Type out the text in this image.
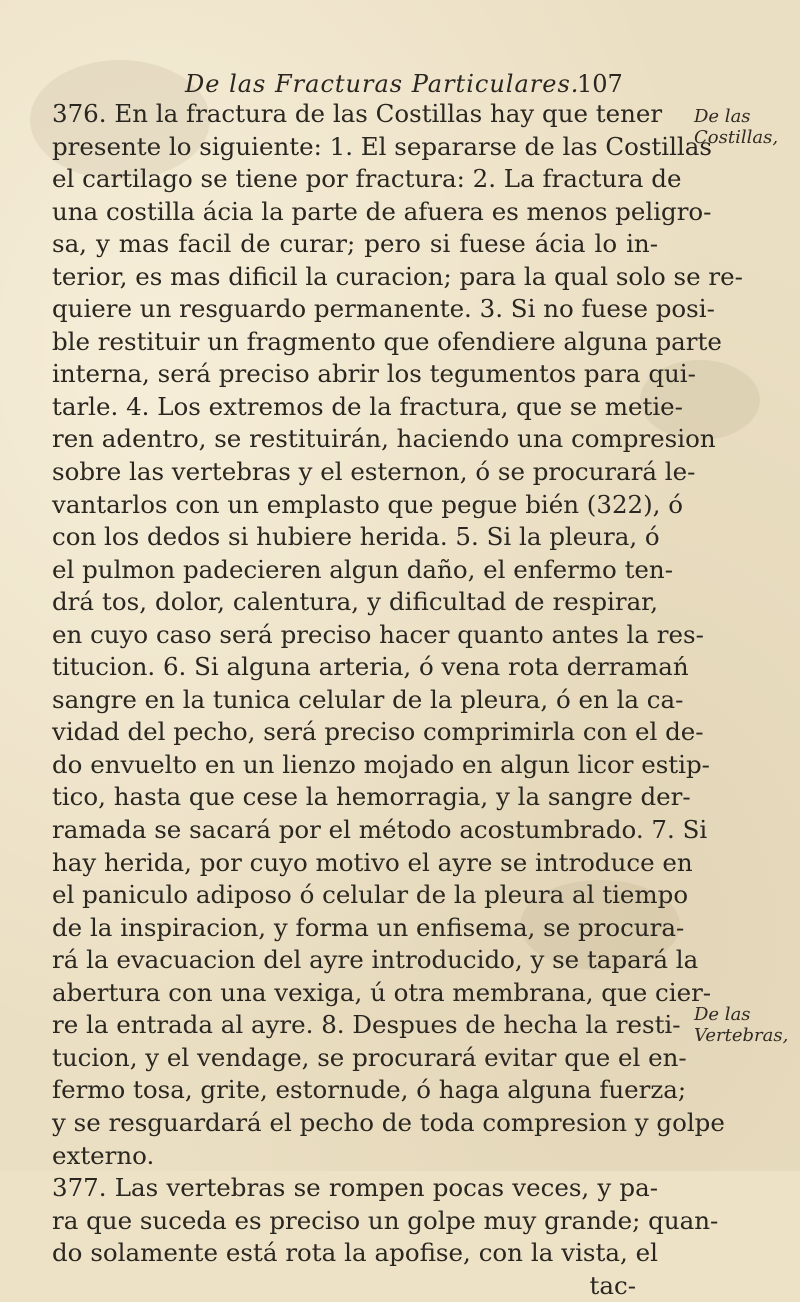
De las Fracturas Particulares.
107
376. En la fractura de las Costillas hay que tener
presente lo siguiente: 1. El separarse de las Costillas
el cartilago se tiene por fractura: 2. La fractura de
una costilla ácia la parte de afuera es menos peligro-
sa, y mas facil de curar; pero si fuese ácia lo in-
terior, es mas dificil la curacion; para la qual solo se re-
quiere un resguardo permanente. 3. Si no fuese posi-
ble restituir un fragmento que ofendiere alguna parte
interna, será preciso abrir los tegumentos para qui-
tarle. 4. Los extremos de la fractura, que se metie-
ren adentro, se restituirán, haciendo una compresion
sobre las vertebras y el esternon, ó se procurará le-
vantarlos con un emplasto que pegue bién (322), ó
con los dedos si hubiere herida. 5. Si la pleura, ó
el pulmon padecieren algun daño, el enfermo ten-
drá tos, dolor, calentura, y dificultad de respirar,
en cuyo caso será preciso hacer quanto antes la res-
titucion. 6. Si alguna arteria, ó vena rota derramań
sangre en la tunica celular de la pleura, ó en la ca-
vidad del pecho, será preciso comprimirla con el de-
do envuelto en un lienzo mojado en algun licor estip-
tico, hasta que cese la hemorragia, y la sangre der-
ramada se sacará por el método acostumbrado. 7. Si
hay herida, por cuyo motivo el ayre se introduce en
el paniculo adiposo ó celular de la pleura al tiempo
de la inspiracion, y forma un enfisema, se procura-
rá la evacuacion del ayre introducido, y se tapará la
abertura con una vexiga, ú otra membrana, que cier-
re la entrada al ayre. 8. Despues de hecha la resti-
tucion, y el vendage, se procurará evitar que el en-
fermo tosa, grite, estornude, ó haga alguna fuerza;
y se resguardará el pecho de toda compresion y golpe
externo.
377. Las vertebras se rompen pocas veces, y pa-
ra que suceda es preciso un golpe muy grande; quan-
do solamente está rota la apofise, con la vista, el
tac-
De las Costillas,
De las Vertebras,
